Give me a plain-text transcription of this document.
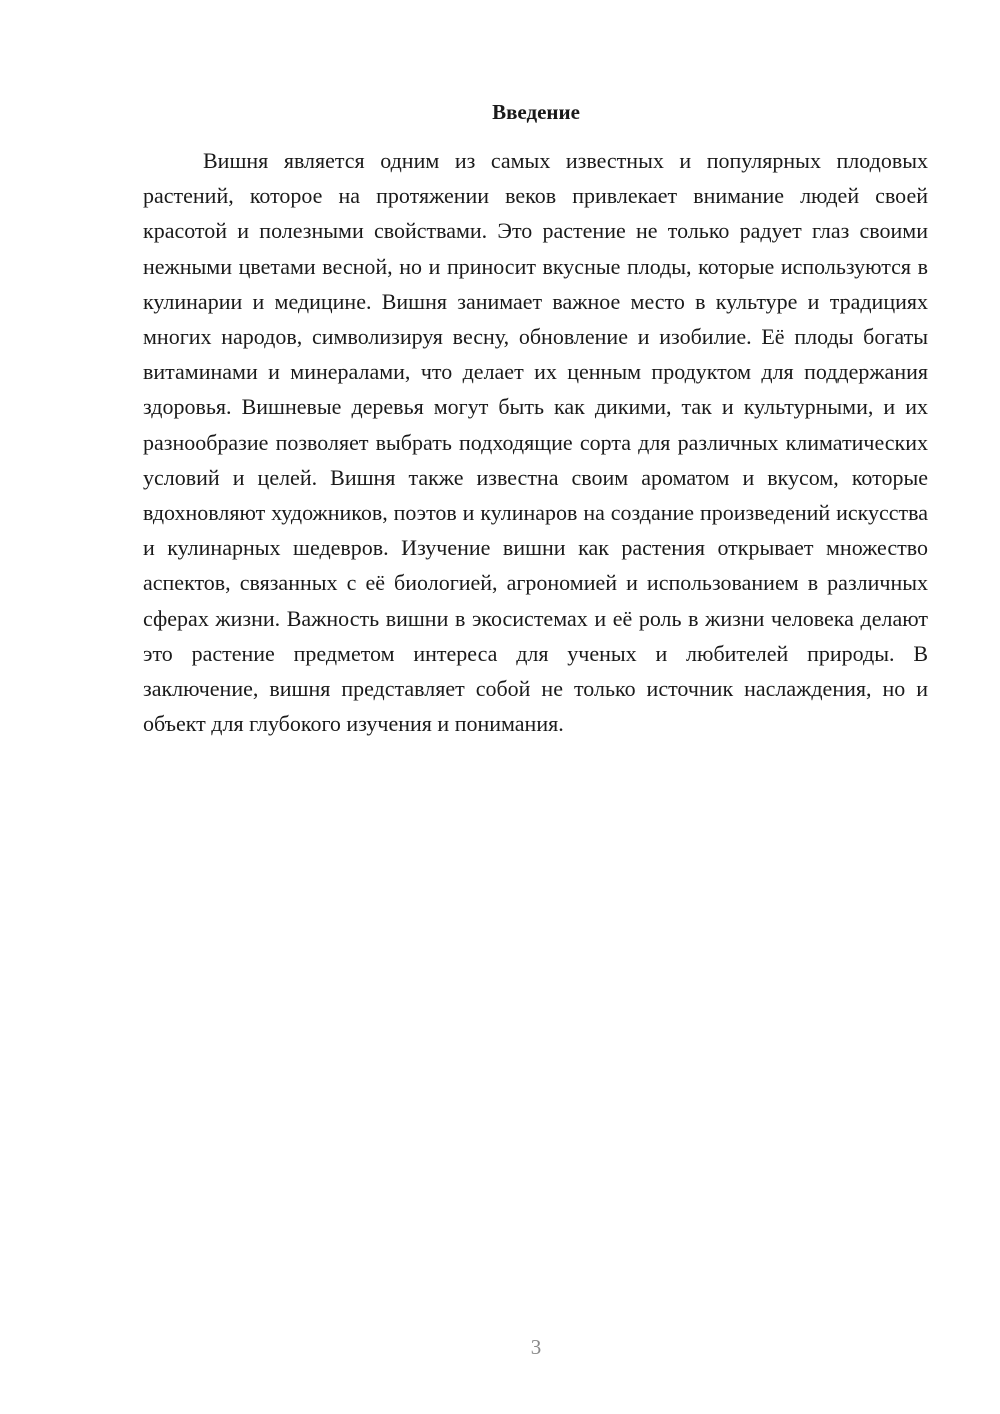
Введение

Вишня является одним из самых известных и популярных плодовых растений, которое на протяжении веков привлекает внимание людей своей красотой и полезными свойствами. Это растение не только радует глаз своими нежными цветами весной, но и приносит вкусные плоды, которые используются в кулинарии и медицине. Вишня занимает важное место в культуре и традициях многих народов, символизируя весну, обновление и изобилие. Её плоды богаты витаминами и минералами, что делает их ценным продуктом для поддержания здоровья. Вишневые деревья могут быть как дикими, так и культурными, и их разнообразие позволяет выбрать подходящие сорта для различных климатических условий и целей. Вишня также известна своим ароматом и вкусом, которые вдохновляют художников, поэтов и кулинаров на создание произведений искусства и кулинарных шедевров. Изучение вишни как растения открывает множество аспектов, связанных с её биологией, агрономией и использованием в различных сферах жизни. Важность вишни в экосистемах и её роль в жизни человека делают это растение предметом интереса для ученых и любителей природы. В заключение, вишня представляет собой не только источник наслаждения, но и объект для глубокого изучения и понимания.

3
